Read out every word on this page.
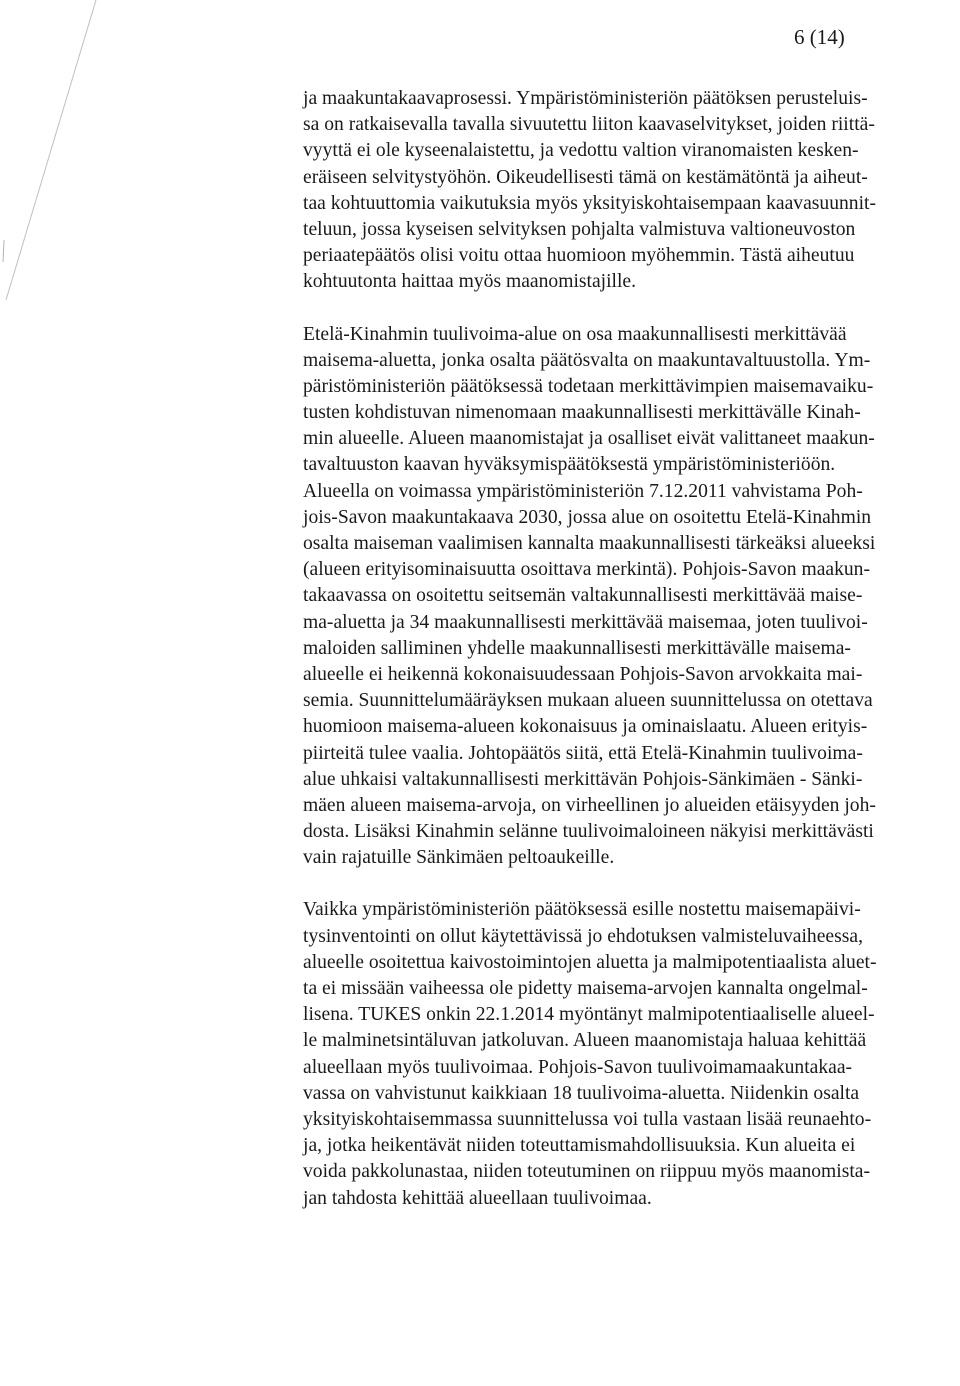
6 (14)
ja maakuntakaavaprosessi. Ympäristöministeriön päätöksen perusteluis-
sa on ratkaisevalla tavalla sivuutettu liiton kaavaselvitykset, joiden riittä-
vyyttä ei ole kyseenalaistettu, ja vedottu valtion viranomaisten kesken-
eräiseen selvitystyöhön. Oikeudellisesti tämä on kestämätöntä ja aiheut-
taa kohtuuttomia vaikutuksia myös yksityiskohtaisempaan kaavasuunnit-
teluun, jossa kyseisen selvityksen pohjalta valmistuva valtioneuvoston
periaatepäätös olisi voitu ottaa huomioon myöhemmin. Tästä aiheutuu
kohtuutonta haittaa myös maanomistajille.
Etelä-Kinahmin tuulivoima-alue on osa maakunnallisesti merkittävää
maisema-aluetta, jonka osalta päätösvalta on maakuntavaltuustolla. Ym-
päristöministeriön päätöksessä todetaan merkittävimpien maisemavaiku-
tusten kohdistuvan nimenomaan maakunnallisesti merkittävälle Kinah-
min alueelle. Alueen maanomistajat ja osalliset eivät valittaneet maakun-
tavaltuuston kaavan hyväksymispäätöksestä ympäristöministeriöön.
Alueella on voimassa ympäristöministeriön 7.12.2011 vahvistama Poh-
jois-Savon maakuntakaava 2030, jossa alue on osoitettu Etelä-Kinahmin
osalta maiseman vaalimisen kannalta maakunnallisesti tärkeäksi alueeksi
(alueen erityisominaisuutta osoittava merkintä). Pohjois-Savon maakun-
takaavassa on osoitettu seitsemän valtakunnallisesti merkittävää maise-
ma-aluetta ja 34 maakunnallisesti merkittävää maisemaa, joten tuulivoi-
maloiden salliminen yhdelle maakunnallisesti merkittävälle maisema-
alueelle ei heikennä kokonaisuudessaan Pohjois-Savon arvokkaita mai-
semia. Suunnittelumääräyksen mukaan alueen suunnittelussa on otettava
huomioon maisema-alueen kokonaisuus ja ominaislaatu. Alueen erityis-
piirteitä tulee vaalia. Johtopäätös siitä, että Etelä-Kinahmin tuulivoima-
alue uhkaisi valtakunnallisesti merkittävän Pohjois-Sänkimäen - Sänki-
mäen alueen maisema-arvoja, on virheellinen jo alueiden etäisyyden joh-
dosta. Lisäksi Kinahmin selänne tuulivoimaloineen näkyisi merkittävästi
vain rajatuille Sänkimäen peltoaukeille.
Vaikka ympäristöministeriön päätöksessä esille nostettu maisemapäivi-
tysinventointi on ollut käytettävissä jo ehdotuksen valmisteluvaiheessa,
alueelle osoitettua kaivostoimintojen aluetta ja malmipotentiaalista aluet-
ta ei missään vaiheessa ole pidetty maisema-arvojen kannalta ongelmal-
lisena. TUKES onkin 22.1.2014 myöntänyt malmipotentiaaliselle alueel-
le malminetsintäluvan jatkoluvan. Alueen maanomistaja haluaa kehittää
alueellaan myös tuulivoimaa. Pohjois-Savon tuulivoimamaakuntakaa-
vassa on vahvistunut kaikkiaan 18 tuulivoima-aluetta. Niidenkin osalta
yksityiskohtaisemmassa suunnittelussa voi tulla vastaan lisää reunaehto-
ja, jotka heikentävät niiden toteuttamismahdollisuuksia. Kun alueita ei
voida pakkolunastaa, niiden toteutuminen on riippuu myös maanomista-
jan tahdosta kehittää alueellaan tuulivoimaa.
